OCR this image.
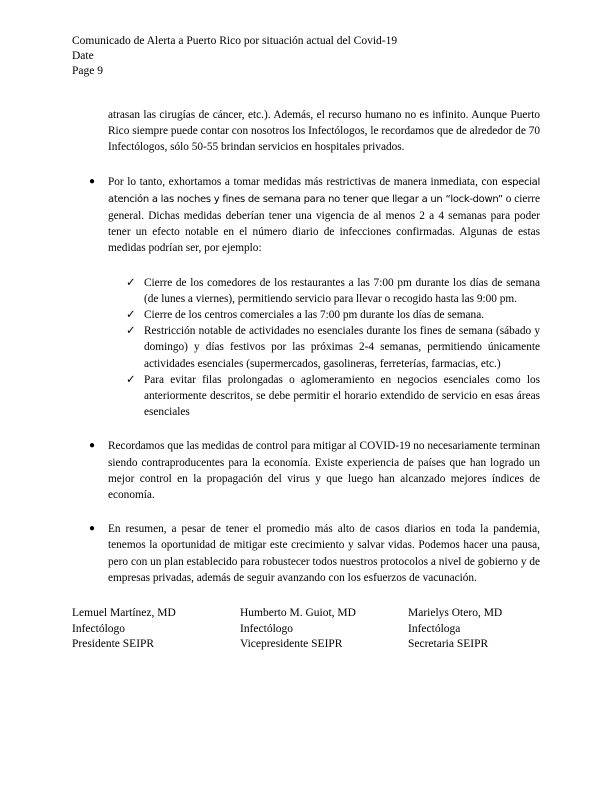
Comunicado de Alerta a Puerto Rico por situación actual del Covid-19
Date
Page 9

atrasan las cirugías de cáncer, etc.). Además, el recurso humano no es infinito. Aunque Puerto Rico siempre puede contar con nosotros los Infectólogos, le recordamos que de alrededor de 70 Infectólogos, sólo 50-55 brindan servicios en hospitales privados.

● Por lo tanto, exhortamos a tomar medidas más restrictivas de manera inmediata, con especial atención a las noches y fines de semana para no tener que llegar a un “lock-down” o cierre general. Dichas medidas deberían tener una vigencia de al menos 2 a 4 semanas para poder tener un efecto notable en el número diario de infecciones confirmadas. Algunas de estas medidas podrían ser, por ejemplo:
✓ Cierre de los comedores de los restaurantes a las 7:00 pm durante los días de semana (de lunes a viernes), permitiendo servicio para llevar o recogido hasta las 9:00 pm.
✓ Cierre de los centros comerciales a las 7:00 pm durante los días de semana.
✓ Restricción notable de actividades no esenciales durante los fines de semana (sábado y domingo) y días festivos por las próximas 2-4 semanas, permitiendo únicamente actividades esenciales (supermercados, gasolineras, ferreterías, farmacias, etc.)
✓ Para evitar filas prolongadas o aglomeramiento en negocios esenciales como los anteriormente descritos, se debe permitir el horario extendido de servicio en esas áreas esenciales
● Recordamos que las medidas de control para mitigar al COVID-19 no necesariamente terminan siendo contraproducentes para la economía. Existe experiencia de países que han logrado un mejor control en la propagación del virus y que luego han alcanzado mejores índices de economía.
● En resumen, a pesar de tener el promedio más alto de casos diarios en toda la pandemia, tenemos la oportunidad de mitigar este crecimiento y salvar vidas. Podemos hacer una pausa, pero con un plan establecido para robustecer todos nuestros protocolos a nivel de gobierno y de empresas privadas, además de seguir avanzando con los esfuerzos de vacunación.
Lemuel Martínez, MD
Infectólogo
Presidente SEIPR
Humberto M. Guiot, MD
Infectólogo
Vicepresidente SEIPR
Marielys Otero, MD
Infectóloga
Secretaria SEIPR
